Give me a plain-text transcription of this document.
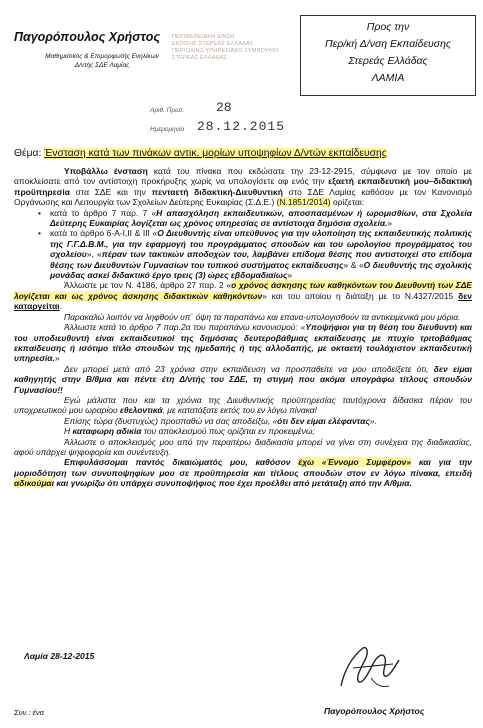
Παγορόπουλος Χρήστος
Μαθηματικός & Επιμορφωτής Ενηλίκων
Δ/ντής ΣΔΕ Λαμίας
ΠΕΡΙΦΕΡΕΙΑΚΗ Δ/ΝΣΗ
ΕΚΠ/ΣΗΣ ΣΤΕΡΕΑΣ ΕΛΛΑΔΑΣ
ΠΕΡΙΟΔΙΚΟ ΥΠΗΡΕΣΙΑΚΟ ΣΥΜΒΟΥΛΙΟ
ΣΤΕΡΕΑΣ ΕΛΛΑΔΑΣ
Αριθ. Πρωτ. 28
Ημερομηνία 28.12.2015
Προς την
Περ/κή Δ/νση Εκπαίδευσης
Στερεάς Ελλάδας
ΛΑΜΙΑ
Θέμα: Ένσταση κατά των πινάκων αντικ. μορίων υποψηφίων Δ/ντών εκπαίδευσης

Υποβάλλω ένσταση κατά του πίνακα που εκδώσατε την 23-12-2915, σύμφωνα με τον οποίο με αποκλείσατε από τον αντίστοιχη προκήρυξης χωρίς να υπολογίσετε αφ ενός την εξαετή εκπαιδευτική μου–διδακτική προϋπηρεσία στα ΣΔΕ και την πενταετή διδακτική-Διευθυντική στο ΣΔΕ Λαμίας καθόσον με τον Κανονισμό Οργάνωσης και Λειτουργία των Σχολείων Δεύτερης Ευκαιρίας (Σ.Δ.Ε.) (Ν.1851/2014) ορίζεται:

• κατά το άρθρο 7 παρ. 7 «Η απασχόληση εκπαιδευτικών, αποσπασμένων ή ωρομισθίων, στα Σχολεία Δεύτερης Ευκαιρίας λογίζεται ως χρόνος υπηρεσίας σε αντίστοιχα δημόσια σχολεία.»

• κατά το άρθρο 6-Α-Ι,ΙΙ & ΙΙΙ «Ο Διευθυντής είναι υπεύθυνος για την υλοποίηση της εκπαιδευτικής πολιτικής της Γ.Γ.Δ.Β.Μ., για την εφαρμογή του προγράμματος σπουδών και του ωρολογίου προγράμματος του σχολείου», «πέραν των τακτικών αποδοχών του, λαμβάνει επίδομα θέσης που αντιστοιχεί στο επίδομα θέσης των Διευθυντών Γυμνασίων του τυπικού συστήματος εκπαίδευσης» & «Ο διευθυντής της σχολικής μονάδας ασκεί διδακτικό έργο τρεις (3) ώρες εβδομαδιαίως»

Άλλωστε με τον Ν. 4186, άρθρο 27 παρ. 2 «ο χρόνος άσκησης των καθηκόντων του Διευθυντή των ΣΔΕ λογίζεται και ως χρόνος άσκησης διδακτικών καθηκόντων» και του οποίου η διάταξη με το Ν.4327/2015 δεν καταργείται.

Παρακαλώ λοιπόν να ληφθούν υπ΄ όψη τα παραπάνω και επανα-υπολογισθούν τα αντικειμενικά μου μόρια.

Άλλωστε κατά το άρθρο 7 παρ.2α του παραπάνω κανονισμού: «Υποψήφιοι για τη θέση του διευθυντή και του υποδιευθυντή είναι εκπαιδευτικοί της δημόσιας δευτεροβάθμιας εκπαίδευσης με πτυχίο τριτοβάθμιας εκπαίδευσης ή ισότιμο τίτλο σπουδών της ημεδαπής ή της αλλοδαπής, με οκταετή τουλάχιστον εκπαιδευτική υπηρεσία.»

Δεν μπορεί μετά από 23 χρόνια στην εκπαίδευση να προσπαθείτε να μου αποδείξετε ότι, δεν είμαι καθηγητής στην Β/θμια και πέντε έτη Δ/ντής του ΣΔΕ, τη στιγμή που ακόμα υπογράφω τίτλους σπουδών Γυμνασίου!!

Εγώ μάλιστα που και τα χρόνια της Διευθυντικής προϋπηρεσίας ταυτόχρονα δίδασκα πέραν του υποχρεωτικού μου ωραρίου εθελοντικά, με κατατάξατε εκτός του εν λόγω πίνακα!

Επίσης τώρα (δυστυχώς) προσπαθώ να σας αποδείξω, «ότι δεν είμαι ελέφαντας».

Η καταφωρη αδικία του αποκλεισμού πως ορίζεται εν προκειμένω;

Άλλωστε ο αποκλεισμός μου από την περαιτέρω διαδικασία μπορεί να γίνει στη συνέχεια της διαδικασίας, αφού υπάρχει ψηφοφορία και συνέντευξη.

Επιφυλάσσομαι παντός δικαιώματός μου, καθόσον έχω «Έννομο Συμφέρον» και για την μοριοδότηση των συνυποψηφίων μου σε προϋπηρεσία και τίτλους σπουδών στον εν λόγω πίνακα, επειδή αδικούμαι και γνωρίζω ότι υπάρχει συνυποψήφιος που έχει προέλθει από μετάταξη από την Α/θμια.

Λαμία 28-12-2015
Συν.: ένα	Παγορόπουλος Χρήστος
